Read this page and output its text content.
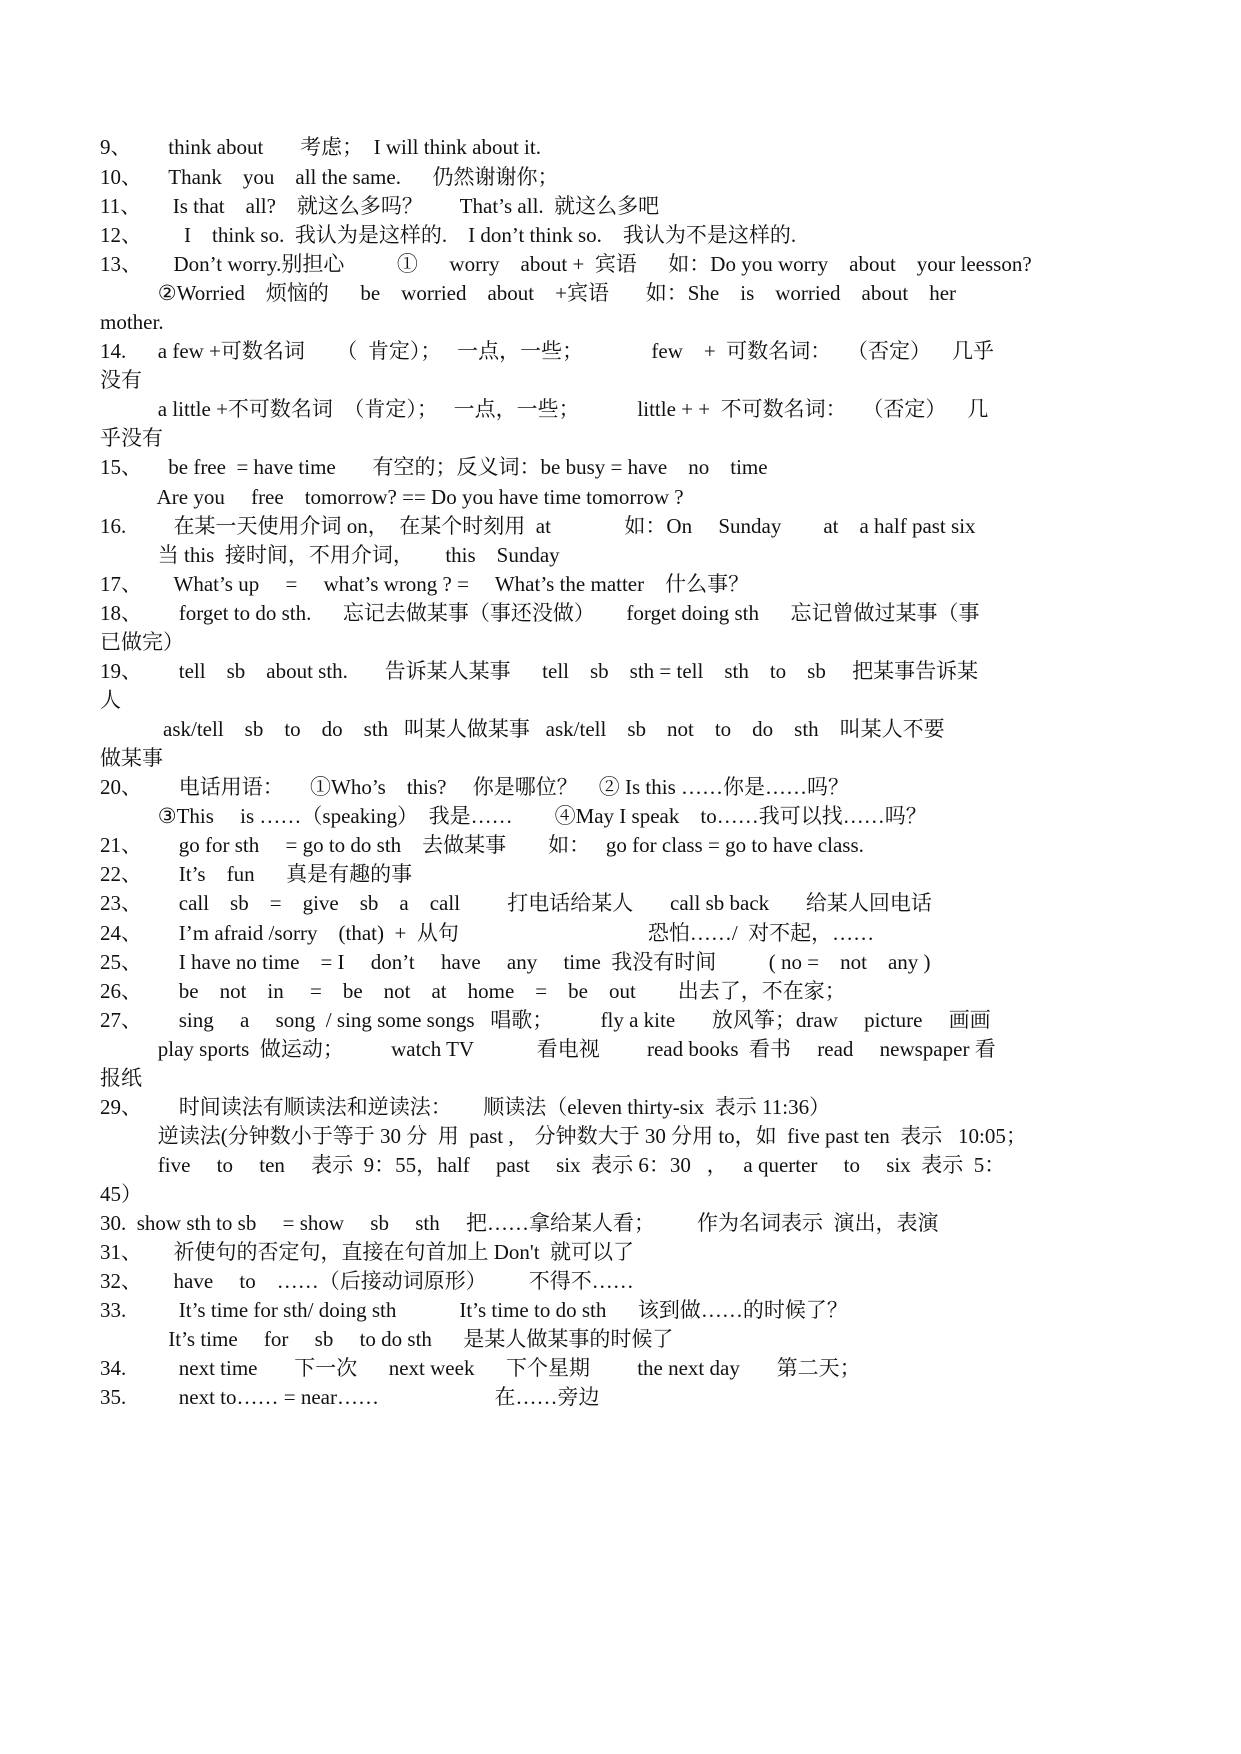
9、       think about       考虑；  I will think about it.
10、     Thank    you    all the same.      仍然谢谢你；
11、      Is that    all?    就这么多吗？       That’s all.  就这么多吧
12、        I    think so.  我认为是这样的.    I don’t think so.    我认为不是这样的.
13、      Don’t worry.别担心          ①      worry    about +  宾语      如：Do you worry    about    your leesson?
②Worried    烦恼的      be    worried    about    +宾语       如：She    is    worried    about    her
mother.
14.      a few +可数名词      （  肯定）；   一点，一些；             few    +  可数名词：   （否定）    几乎
没有
a little +不可数名词  （肯定）；   一点，一些；           little + +  不可数名词：   （否定）    几
乎没有
15、     be free  = have time       有空的；反义词：be busy = have    no    time
Are you     free    tomorrow? == Do you have time tomorrow ?
16.         在某一天使用介词 on，  在某个时刻用  at              如：On     Sunday        at    a half past six
当 this  接时间，不用介词，      this    Sunday
17、      What’s up     =     what’s wrong ? =     What’s the matter    什么事？
18、       forget to do sth.      忘记去做某事（事还没做）      forget doing sth      忘记曾做过某事（事
已做完）
19、       tell    sb    about sth.       告诉某人某事      tell    sb    sth = tell    sth    to    sb     把某事告诉某
人
ask/tell    sb    to    do    sth   叫某人做某事   ask/tell    sb    not    to    do    sth    叫某人不要
做某事
20、       电话用语：     ①Who’s    this?     你是哪位？    ② Is this ……你是……吗？
③This     is ……（speaking）  我是……        ④May I speak    to……我可以找……吗？
21、       go for sth     = go to do sth    去做某事        如：   go for class = go to have class.
22、       It’s    fun      真是有趣的事
23、       call    sb    =    give    sb    a    call         打电话给某人       call sb back       给某人回电话
24、       I’m afraid /sorry    (that)  +  从句                                    恐怕……/  对不起，……
25、       I have no time    = I     don’t     have     any     time  我没有时间          ( no =    not    any )
26、       be    not    in     =    be    not    at    home    =    be    out        出去了，不在家；
27、       sing     a     song  / sing some songs   唱歌；         fly a kite       放风筝；draw     picture     画画
play sports  做运动；         watch TV            看电视         read books  看书     read     newspaper 看
报纸
29、       时间读法有顺读法和逆读法：      顺读法（eleven thirty-six  表示 11:36）
逆读法(分钟数小于等于 30 分  用  past ,    分钟数大于 30 分用 to，如  five past ten  表示   10:05；
five     to     ten     表示  9：55，half     past     six  表示 6：30   ，   a querter     to     six  表示  5：
45）
30.  show sth to sb     = show     sb     sth     把……拿给某人看；        作为名词表示  演出，表演
31、      祈使句的否定句，直接在句首加上 Don't  就可以了
32、      have     to    ……（后接动词原形）        不得不……
33.          It’s time for sth/ doing sth            It’s time to do sth      该到做……的时候了？
It’s time     for     sb     to do sth      是某人做某事的时候了
34.          next time       下一次      next week      下个星期         the next day       第二天；
35.          next to…… = near……                      在……旁边
